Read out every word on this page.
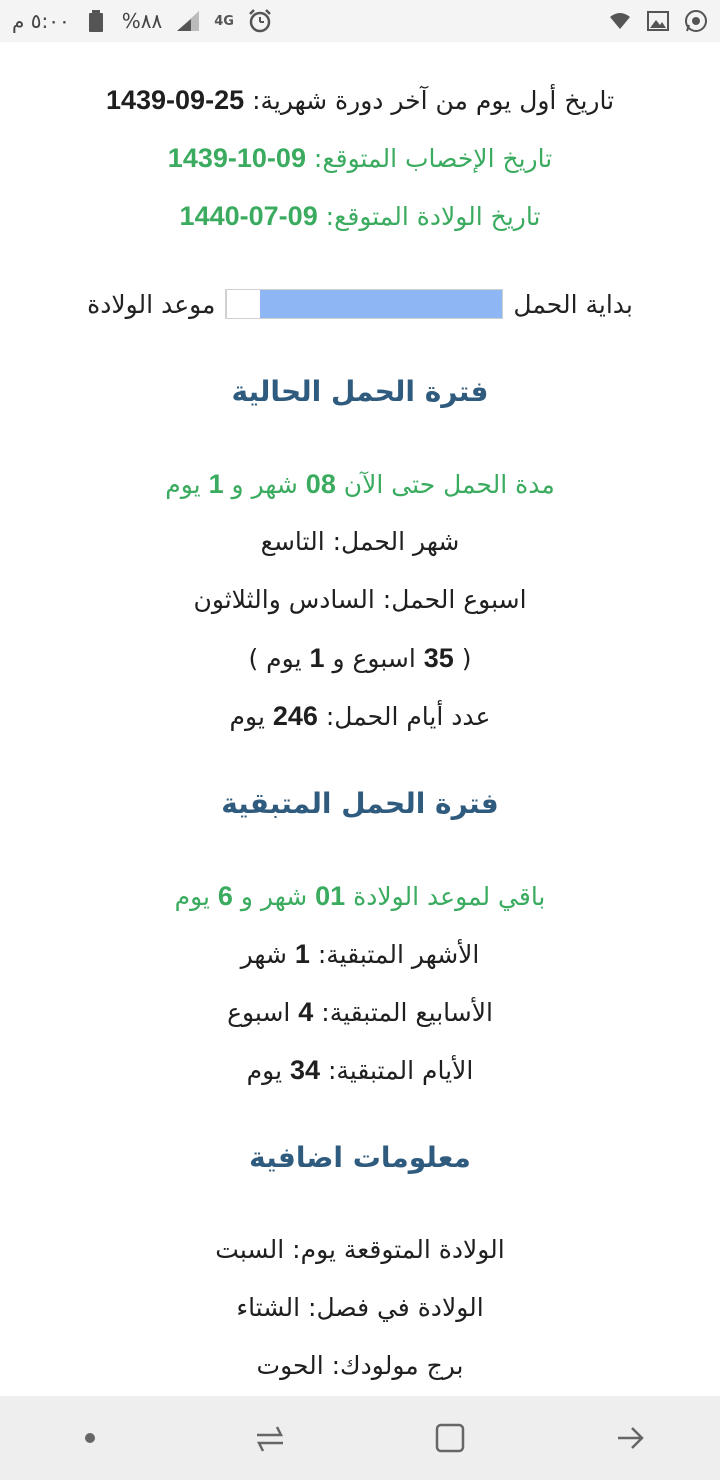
٥:٠٠ م	%٨٨	4G
تاريخ أول يوم من آخر دورة شهرية: 25-09-1439
تاريخ الإخصاب المتوقع: 09-10-1439
تاريخ الولادة المتوقع: 09-07-1440
بداية الحمل
موعد الولادة
فترة الحمل الحالية
مدة الحمل حتى الآن 08 شهر و 1 يوم
شهر الحمل: التاسع
اسبوع الحمل: السادس والثلاثون
( 35 اسبوع و 1 يوم )
عدد أيام الحمل: 246 يوم
فترة الحمل المتبقية
باقي لموعد الولادة 01 شهر و 6 يوم
الأشهر المتبقية: 1 شهر
الأسابيع المتبقية: 4 اسبوع
الأيام المتبقية: 34 يوم
معلومات اضافية
الولادة المتوقعة يوم: السبت
الولادة في فصل: الشتاء
برج مولودك: الحوت
